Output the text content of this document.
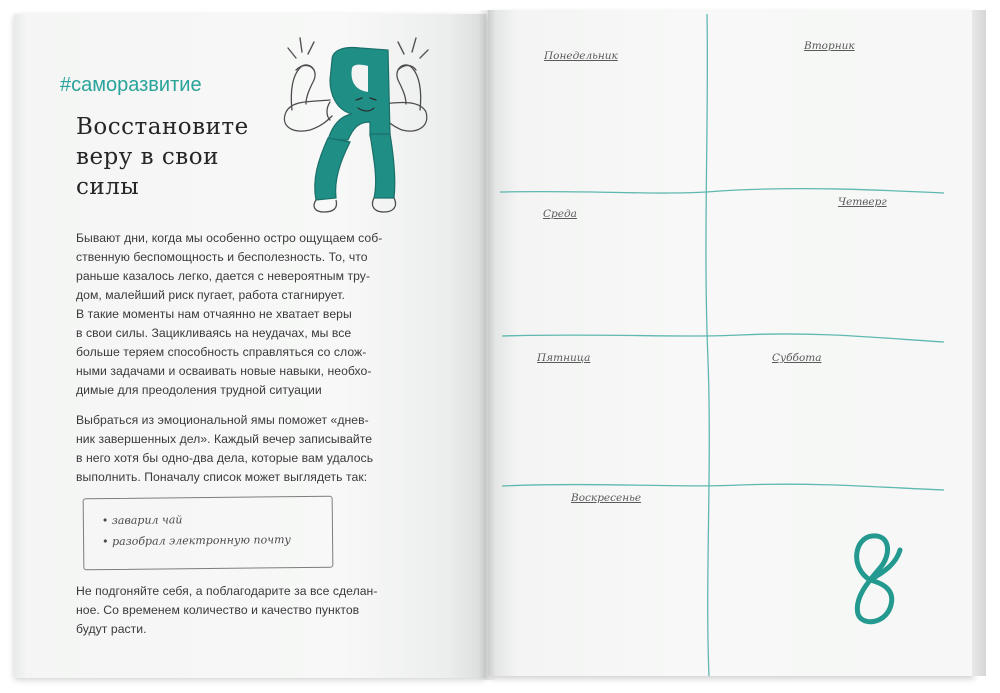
#саморазвитие
Восстановите
веру в свои
силы
Бывают дни, когда мы особенно остро ощущаем соб-
ственную беспомощность и бесполезность. То, что
раньше казалось легко, дается с невероятным тру-
дом, малейший риск пугает, работа стагнирует.
В такие моменты нам отчаянно не хватает веры
в свои силы. Зацикливаясь на неудачах, мы все
больше теряем способность справляться со слож-
ными задачами и осваивать новые навыки, необхо-
димые для преодоления трудной ситуации
Выбраться из эмоциональной ямы поможет «днев-
ник завершенных дел». Каждый вечер записывайте
в него хотя бы одно-два дела, которые вам удалось
выполнить. Поначалу список может выглядеть так:
• заварил чай
• разобрал электронную почту
Не подгоняйте себя, а поблагодарите за все сделан-
ное. Со временем количество и качество пунктов
будут расти.
Понедельник
Вторник
Среда
Четверг
Пятница	Суббота
Воскресенье
